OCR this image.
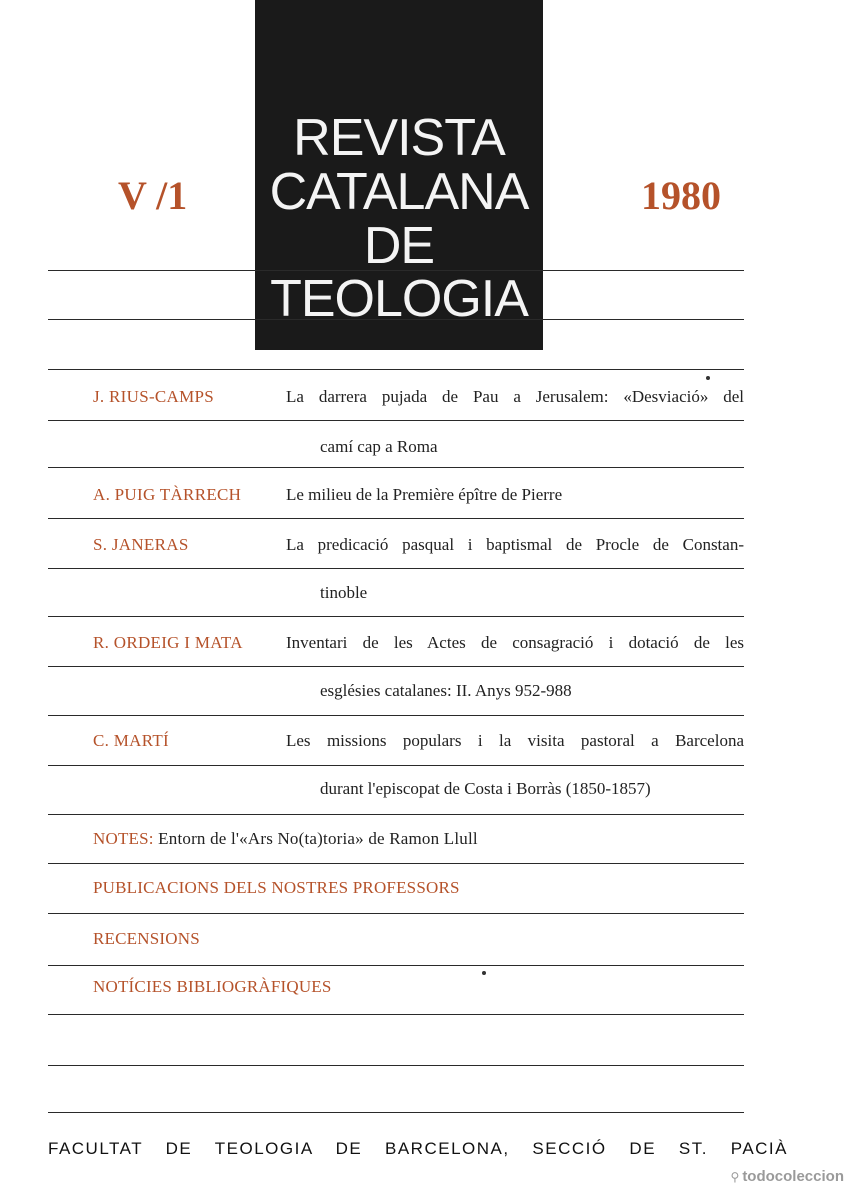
REVISTA
CATALANA
DE
TEOLOGIA
V /1	1980
J. RIUS-CAMPS	La darrera pujada de Pau a Jerusalem: «Desviació» del
camí cap a Roma
A. PUIG TÀRRECH	Le milieu de la Première épître de Pierre
S. JANERAS	La predicació pasqual i baptismal de Procle de Constan-
tinoble
R. ORDEIG I MATA	Inventari de les Actes de consagració i dotació de les
esglésies catalanes: II. Anys 952-988
C. MARTÍ	Les missions populars i la visita pastoral a Barcelona
durant l'episcopat de Costa i Borràs (1850-1857)
NOTES: Entorn de l'«Ars No(ta)toria» de Ramon Llull
PUBLICACIONS DELS NOSTRES PROFESSORS
RECENSIONS
NOTÍCIES BIBLIOGRÀFIQUES
FACULTAT DE TEOLOGIA DE BARCELONA, SECCIÓ DE ST. PACIÀ
⚲ todocoleccion
